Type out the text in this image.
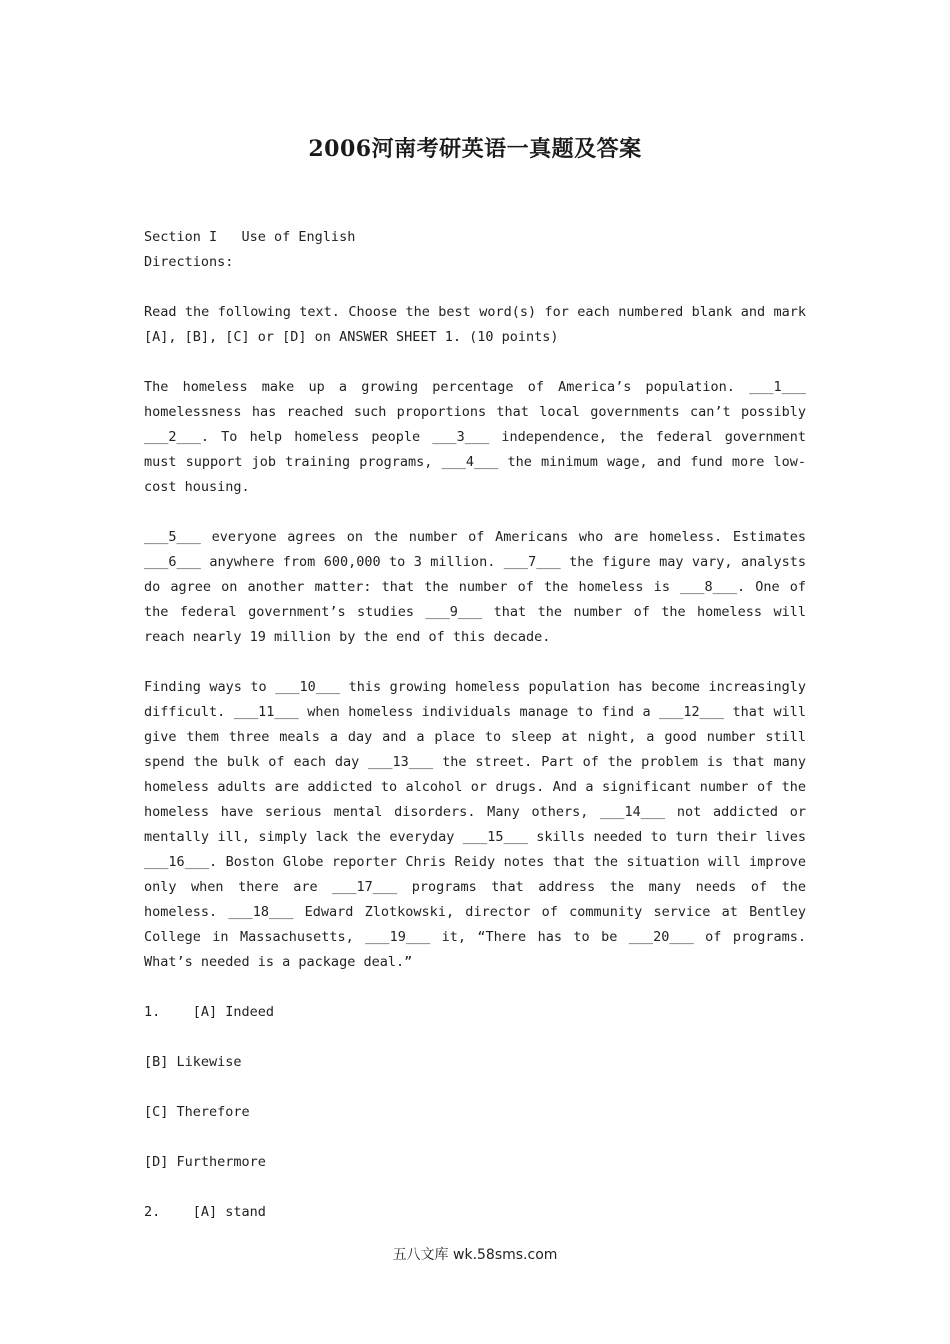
2006河南考研英语一真题及答案

Section I   Use of English

Directions:

Read the following text. Choose the best word(s) for each numbered blank and mark [A], [B], [C] or [D] on ANSWER SHEET 1. (10 points)

The homeless make up a growing percentage of America’s population. ___1___ homelessness has reached such proportions that local governments can’t possibly ___2___. To help homeless people ___3___ independence, the federal government must support job training programs, ___4___ the minimum wage, and fund more low-cost housing.

___5___ everyone agrees on the number of Americans who are homeless. Estimates ___6___ anywhere from 600,000 to 3 million. ___7___ the figure may vary, analysts do agree on another matter: that the number of the homeless is ___8___. One of the federal government’s studies ___9___ that the number of the homeless will reach nearly 19 million by the end of this decade.

Finding ways to ___10___ this growing homeless population has become increasingly difficult. ___11___ when homeless individuals manage to find a ___12___ that will give them three meals a day and a place to sleep at night, a good number still spend the bulk of each day ___13___ the street. Part of the problem is that many homeless adults are addicted to alcohol or drugs. And a significant number of the homeless have serious mental disorders. Many others, ___14___ not addicted or mentally ill, simply lack the everyday ___15___ skills needed to turn their lives ___16___. Boston Globe reporter Chris Reidy notes that the situation will improve only when there are ___17___ programs that address the many needs of the homeless. ___18___ Edward Zlotkowski, director of community service at Bentley College in Massachusetts, ___19___ it, “There has to be ___20___ of programs. What’s needed is a package deal.”

1.    [A] Indeed

[B] Likewise

[C] Therefore

[D] Furthermore

2.    [A] stand

五八文库 wk.58sms.com
